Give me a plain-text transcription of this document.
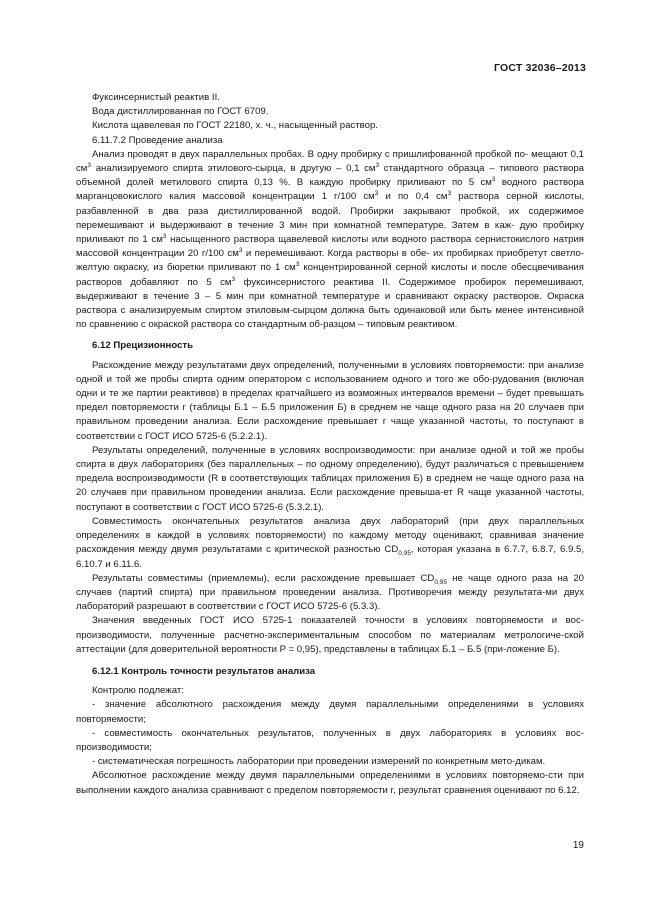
ГОСТ 32036–2013

Фуксинсернистый реактив II.

Вода дистиллированная по ГОСТ 6709.

Кислота щавелевая по ГОСТ 22180, х. ч., насыщенный раствор.

6.11.7.2 Проведение анализа

Анализ проводят в двух параллельных пробах. В одну пробирку с пришлифованной пробкой по- мещают 0,1 $см^3$ анализируемого спирта этилового-сырца, в другую – 0,1 $см^3$ стандартного образца – типового раствора объемной долей метилового спирта 0,13 %. В каждую пробирку приливают по 5 $см^3$ водного раствора марганцовокислого калия массовой концентрации 1 г/100 $см^3$ и по 0,4 $см^3$ раствора серной кислоты, разбавленной в два раза дистиллированной водой. Пробирки закрывают пробкой, их содержимое перемешивают и выдерживают в течение 3 мин при комнатной температуре. Затем в каж- дую пробирку приливают по 1 $см^3$ насыщенного раствора щавелевой кислоты или водного раствора сернистокислого натрия массовой концентрации 20 г/100 $см^3$ и перемешивают. Когда растворы в обе- их пробирках приобретут светло-желтую окраску, из бюретки приливают по 1 $см^3$ концентрированной серной кислоты и после обесцвечивания растворов добавляют по 5 $см^3$ фуксинсернистого реактива II. Содержимое пробирок перемешивают, выдерживают в течение 3 – 5 мин при комнатной температуре и сравнивают окраску растворов. Окраска раствора с анализируемым спиртом этиловым-сырцом должна быть одинаковой или быть менее интенсивной по сравнению с окраской раствора со стандартным об-разцом – типовым реактивом.

6.12 Прецизионность

Расхождение между результатами двух определений, полученными в условиях повторяемости: при анализе одной и той же пробы спирта одним оператором с использованием одного и того же обо-рудования (включая одни и те же партии реактивов) в пределах кратчайшего из возможных интервалов времени – будет превышать предел повторяемости r (таблицы Б.1 – Б.5 приложения Б) в среднем не чаще одного раза на 20 случаев при правильном проведении анализа. Если расхождение превышает r чаще указанной частоты, то поступают в соответствии с ГОСТ ИСО 5725-6 (5.2.2.1).

Результаты определений, полученные в условиях воспроизводимости: при анализе одной и той же пробы спирта в двух лабораториях (без параллельных – по одному определению), будут различаться с превышением предела воспроизводимости (R в соответствующих таблицах приложения Б) в среднем не чаще одного раза на 20 случаев при правильном проведении анализа. Если расхождение превыша-ет R чаще указанной частоты, поступают в соответствии с ГОСТ ИСО 5725-6 (5.3.2.1).

Совместимость окончательных результатов анализа двух лабораторий (при двух параллельных определениях в каждой в условиях повторяемости) по каждому методу оценивают, сравнивая значение расхождения между двумя результатами с критической разностью $CD_{0,95}$, которая указана в 6.7.7, 6.8.7, 6.9.5, 6.10.7 и 6.11.6.

Результаты совместимы (приемлемы), если расхождение превышает $CD_{0,95}$ не чаще одного раза на 20 случаев (партий спирта) при правильном проведении анализа. Противоречия между результата-ми двух лабораторий разрешают в соответствии с ГОСТ ИСО 5725-6 (5.3.3).

Значения введенных ГОСТ ИСО 5725-1 показателей точности в условиях повторяемости и вос-производимости, полученные расчетно-экспериментальным способом по материалам метрологиче-ской аттестации (для доверительной вероятности P = 0,95), представлены в таблицах Б.1 – Б.5 (при-ложение Б).

6.12.1 Контроль точности результатов анализа

Контролю подлежат:

- значение абсолютного расхождения между двумя параллельными определениями в условиях повторяемости;

- совместимость окончательных результатов, полученных в двух лабораториях в условиях вос-производимости;

- систематическая погрешность лаборатории при проведении измерений по конкретным мето-дикам.

Абсолютное расхождение между двумя параллельными определениями в условиях повторяемо-сти при выполнении каждого анализа сравнивают с пределом повторяемости r, результат сравнения оценивают по 6.12.

19
